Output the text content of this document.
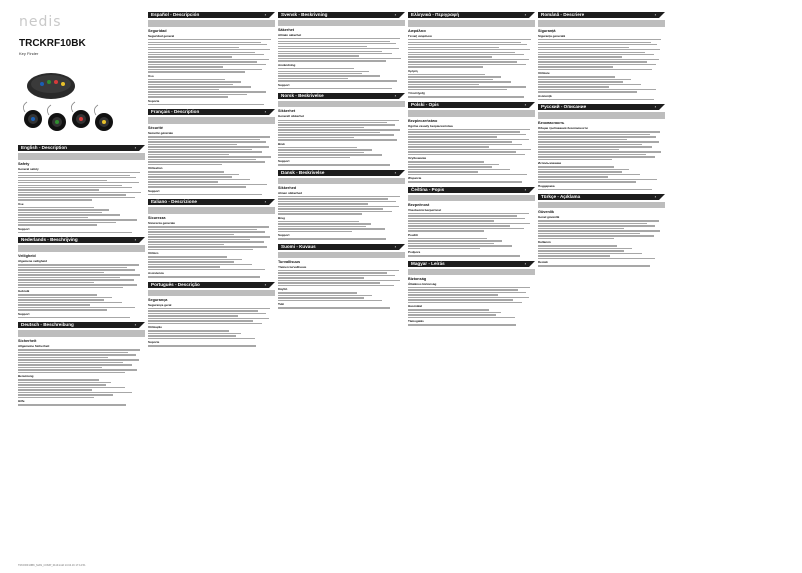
nedis
TRCKRF10BK
Key Finder
English - Description	›

Safety
General safety
Use
Support
Nederlands - Beschrijving	›

Veiligheid
Algemene veiligheid
Gebruik
Support
Deutsch - Beschreibung	›

Sicherheit
Allgemeine Sicherheit
Benutzung
Hilfe
Español - Descripción	›

Seguridad
Seguridad general
Uso
Soporte
Français - Description	›

Sécurité
Sécurité générale
Utilisation
Support
Italiano - Descrizione	›

Sicurezza
Sicurezza generale
Utilizzo
Assistenza
Português - Descrição	›

Segurança
Segurança geral
Utilização
Suporte
Svensk - Beskrivning	›

Säkerhet
Allmän säkerhet
Användning
Support
Norsk - Beskrivelse	›

Sikkerhet
Generell sikkerhet
Bruk
Support
Dansk - Beskrivelse	›

Sikkerhed
Almen sikkerhed
Brug
Support
Suomi - Kuvaus	›

Turvallisuus
Yleinen turvallisuus
Käyttö
Tuki
Ελληνικά - Περιγραφή	›

Ασφάλεια
Γενική ασφάλεια
Χρήση
Υποστήριξη
Polski - Opis	›

Bezpieczeństwo
Ogólne zasady bezpieczeństwa
Użytkowanie
Wsparcie
Čeština - Popis	›

Bezpečnost
Všeobecná bezpečnost
Použití
Podpora
Magyar - Leírás	›

Biztonság
Általános biztonság
Használat
Támogatás
Română - Descriere	›

Siguranță
Siguranța generală
Utilizare
Asistență
Русский - Описание	›

Безопасность
Общие требования безопасности
Использование
Поддержка
Türkçe - Açıklama	›

Güvenlik
Genel güvenlik
Kullanım
Destek
TRCKRF10BK_MAN_COMP_0119.indd 13.04.16 17:14:51
